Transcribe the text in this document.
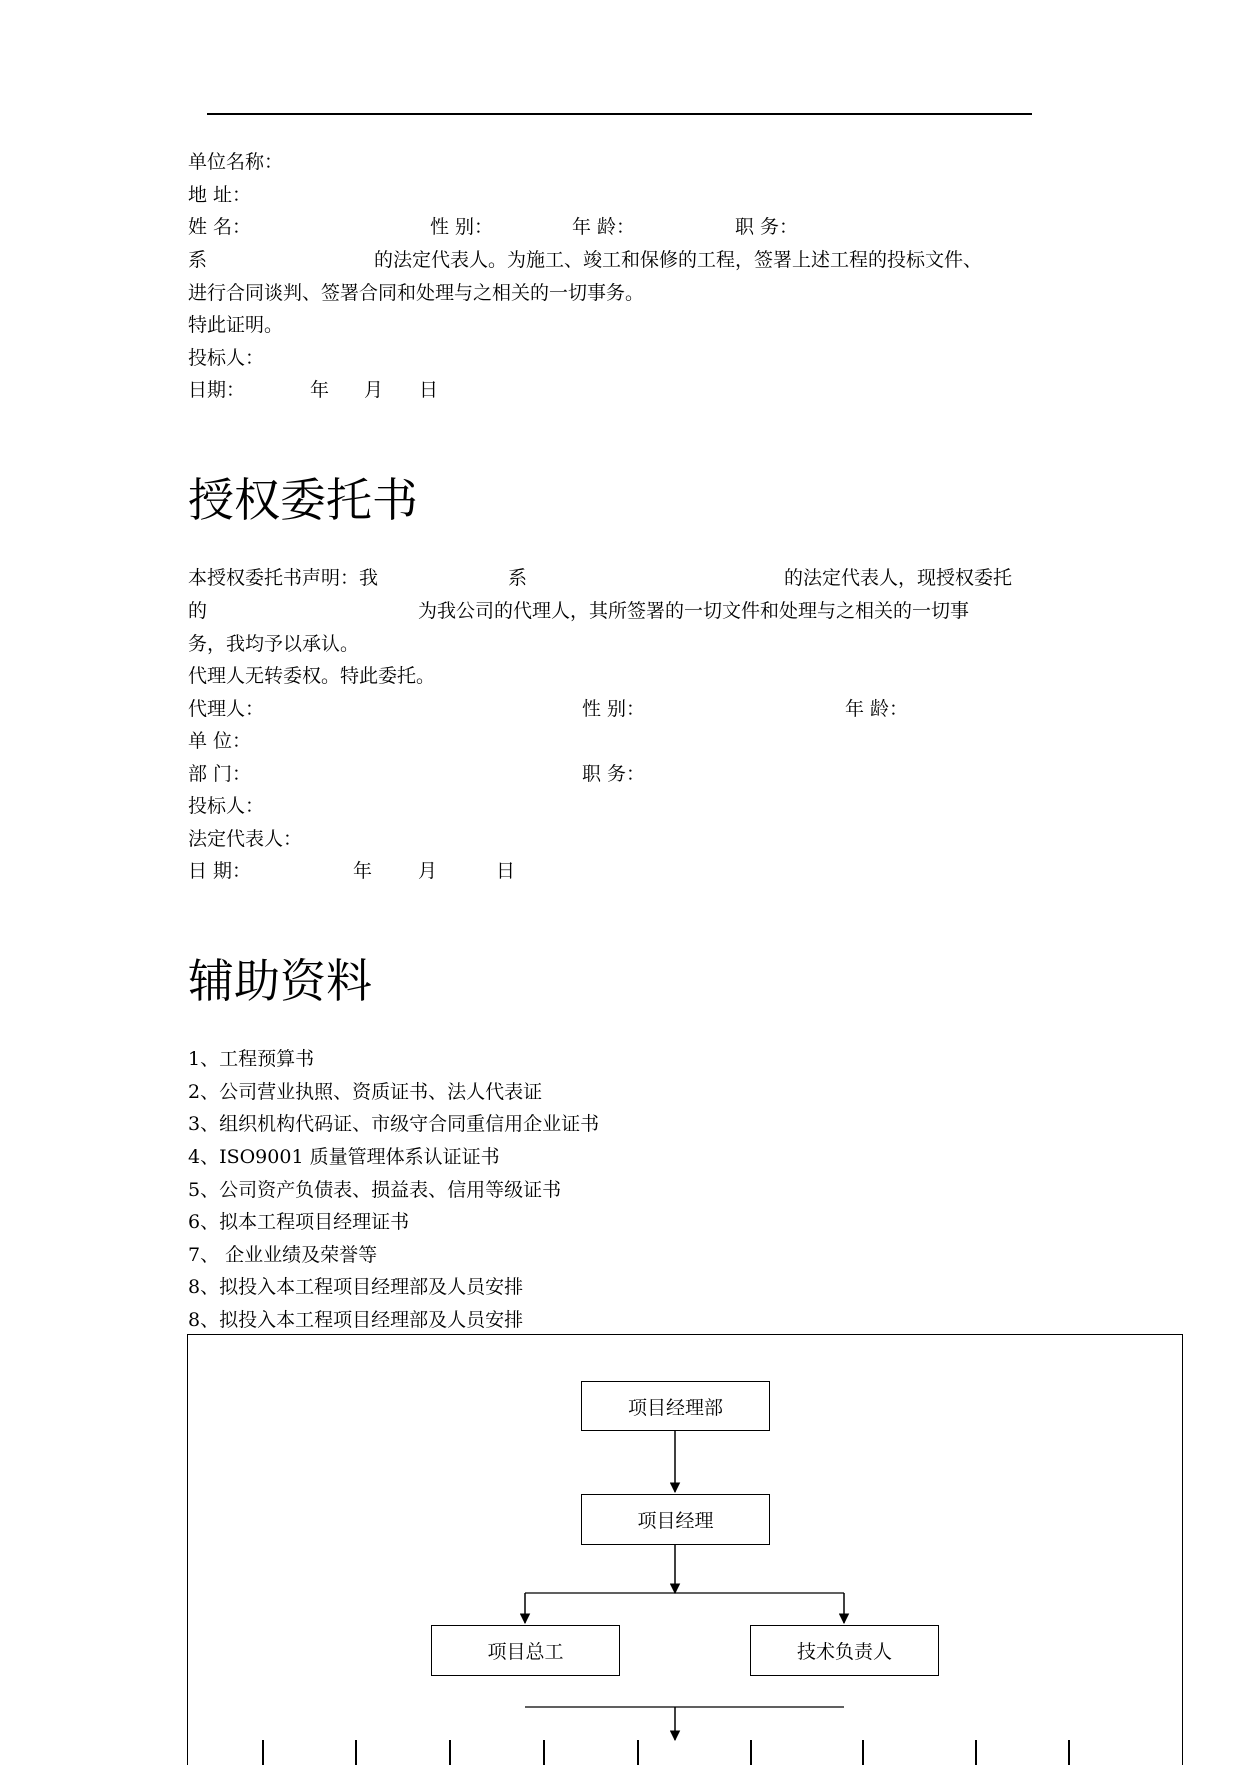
单位名称：
地 址：
姓 名：	性 别：	年 龄：	职 务：
系	的法定代表人。为施工、竣工和保修的工程，签署上述工程的投标文件、
进行合同谈判、签署合同和处理与之相关的一切事务。
特此证明。
投标人：
日期：	年 月 日
授权委托书
本授权委托书声明：我	系	的法定代表人，现授权委托
的	为我公司的代理人，其所签署的一切文件和处理与之相关的一切事
务，我均予以承认。
代理人无转委权。特此委托。
代理人：	性 别：	年 龄：
单 位：
部 门：	职 务：
投标人：
法定代表人：
日 期：	年 月	日
辅助资料
1、工程预算书
2、公司营业执照、资质证书、法人代表证
3、组织机构代码证、市级守合同重信用企业证书
4、ISO9001 质量管理体系认证证书
5、公司资产负债表、损益表、信用等级证书
6、拟本工程项目经理证书
7、 企业业绩及荣誉等
8、拟投入本工程项目经理部及人员安排
8、拟投入本工程项目经理部及人员安排
项目经理部
项目经理
项目总工	技术负责人
